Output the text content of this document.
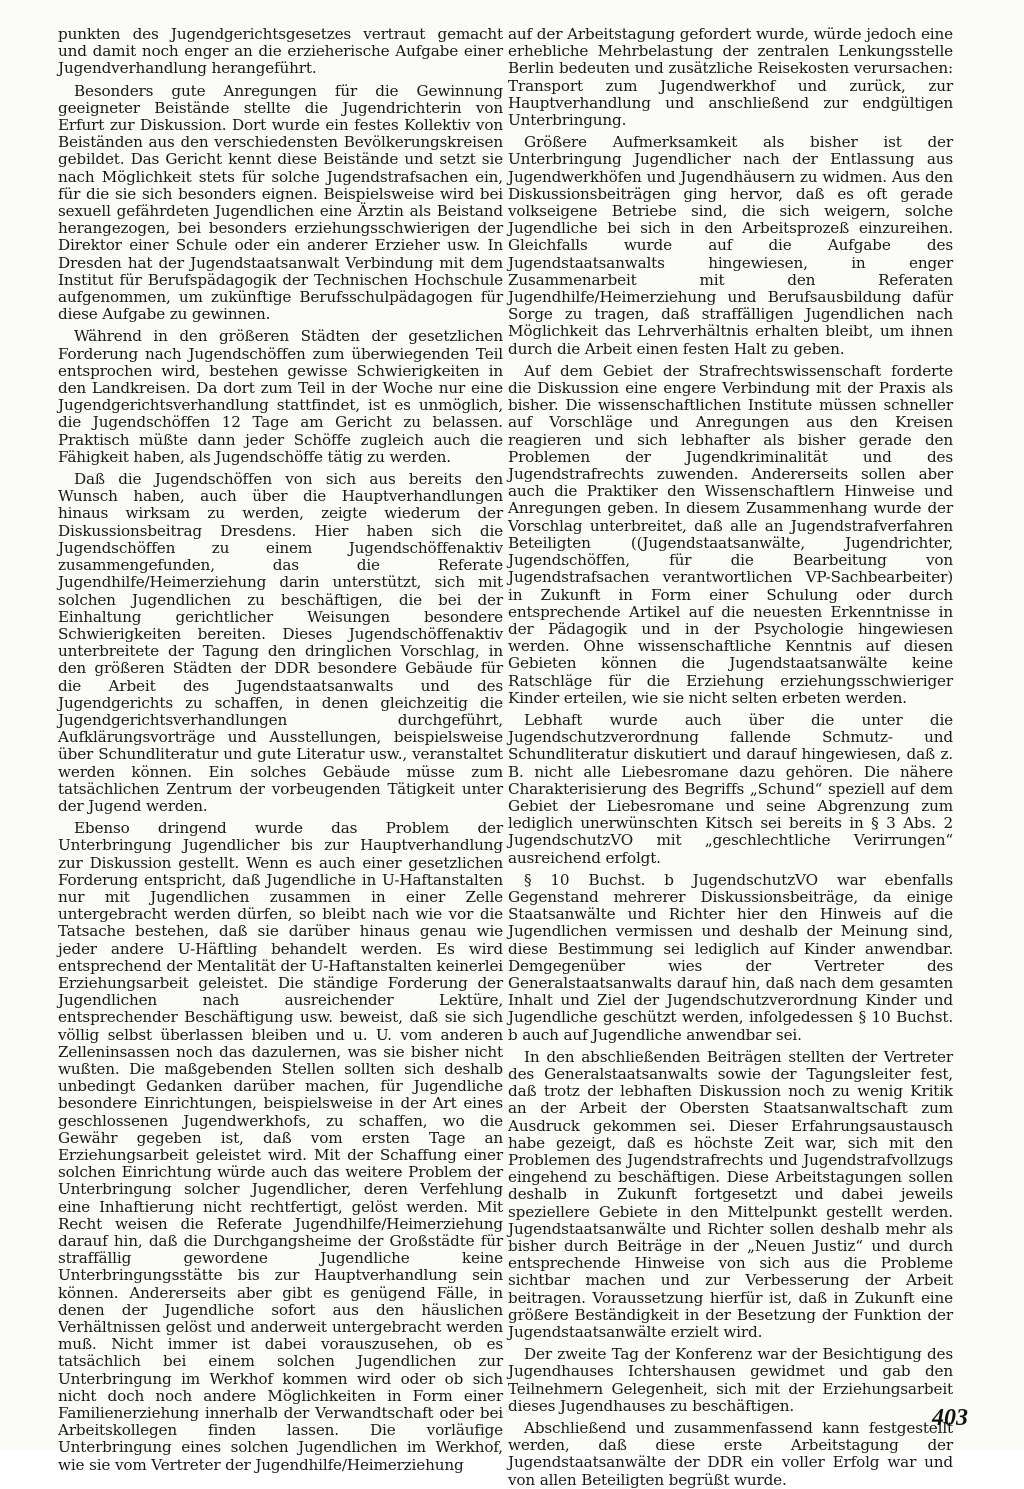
punkten des Jugendgerichtsgesetzes vertraut gemacht und damit noch enger an die erzieherische Aufgabe einer Jugendverhandlung herangeführt.

Besonders gute Anregungen für die Gewinnung geeigneter Beistände stellte die Jugendrichterin von Erfurt zur Diskussion. Dort wurde ein festes Kollektiv von Beiständen aus den verschiedensten Bevölkerungskreisen gebildet. Das Gericht kennt diese Beistände und setzt sie nach Möglichkeit stets für solche Jugendstrafsachen ein, für die sie sich besonders eignen. Beispielsweise wird bei sexuell gefährdeten Jugendlichen eine Ärztin als Beistand herangezogen, bei besonders erziehungsschwierigen der Direktor einer Schule oder ein anderer Erzieher usw. In Dresden hat der Jugendstaatsanwalt Verbindung mit dem Institut für Berufspädagogik der Technischen Hochschule aufgenommen, um zukünftige Berufsschulpädagogen für diese Aufgabe zu gewinnen.

Während in den größeren Städten der gesetzlichen Forderung nach Jugendschöffen zum überwiegenden Teil entsprochen wird, bestehen gewisse Schwierigkeiten in den Landkreisen. Da dort zum Teil in der Woche nur eine Jugendgerichtsverhandlung stattfindet, ist es unmöglich, die Jugendschöffen 12 Tage am Gericht zu belassen. Praktisch müßte dann jeder Schöffe zugleich auch die Fähigkeit haben, als Jugendschöffe tätig zu werden.

Daß die Jugendschöffen von sich aus bereits den Wunsch haben, auch über die Hauptverhandlungen hinaus wirksam zu werden, zeigte wiederum der Diskussionsbeitrag Dresdens. Hier haben sich die Jugendschöffen zu einem Jugendschöffenaktiv zusammengefunden, das die Referate Jugendhilfe/Heimerziehung darin unterstützt, sich mit solchen Jugendlichen zu beschäftigen, die bei der Einhaltung gerichtlicher Weisungen besondere Schwierigkeiten bereiten. Dieses Jugendschöffenaktiv unterbreitete der Tagung den dringlichen Vorschlag, in den größeren Städten der DDR besondere Gebäude für die Arbeit des Jugendstaatsanwalts und des Jugendgerichts zu schaffen, in denen gleichzeitig die Jugendgerichtsverhandlungen durchgeführt, Aufklärungsvorträge und Ausstellungen, beispielsweise über Schundliteratur und gute Literatur usw., veranstaltet werden können. Ein solches Gebäude müsse zum tatsächlichen Zentrum der vorbeugenden Tätigkeit unter der Jugend werden.

Ebenso dringend wurde das Problem der Unterbringung Jugendlicher bis zur Hauptverhandlung zur Diskussion gestellt. Wenn es auch einer gesetzlichen Forderung entspricht, daß Jugendliche in U-Haftanstalten nur mit Jugendlichen zusammen in einer Zelle untergebracht werden dürfen, so bleibt nach wie vor die Tatsache bestehen, daß sie darüber hinaus genau wie jeder andere U-Häftling behandelt werden. Es wird entsprechend der Mentalität der U-Haftanstalten keinerlei Erziehungsarbeit geleistet. Die ständige Forderung der Jugendlichen nach ausreichender Lektüre, entsprechender Beschäftigung usw. beweist, daß sie sich völlig selbst überlassen bleiben und u. U. vom anderen Zelleninsassen noch das dazulernen, was sie bisher nicht wußten. Die maßgebenden Stellen sollten sich deshalb unbedingt Gedanken darüber machen, für Jugendliche besondere Einrichtungen, beispielsweise in der Art eines geschlossenen Jugendwerkhofs, zu schaffen, wo die Gewähr gegeben ist, daß vom ersten Tage an Erziehungsarbeit geleistet wird. Mit der Schaffung einer solchen Einrichtung würde auch das weitere Problem der Unterbringung solcher Jugendlicher, deren Verfehlung eine Inhaftierung nicht rechtfertigt, gelöst werden. Mit Recht weisen die Referate Jugendhilfe/Heimerziehung darauf hin, daß die Durchgangsheime der Großstädte für straffällig gewordene Jugendliche keine Unterbringungsstätte bis zur Hauptverhandlung sein können. Andererseits aber gibt es genügend Fälle, in denen der Jugendliche sofort aus den häuslichen Verhältnissen gelöst und anderweit untergebracht werden muß. Nicht immer ist dabei vorauszusehen, ob es tatsächlich bei einem solchen Jugendlichen zur Unterbringung im Werkhof kommen wird oder ob sich nicht doch noch andere Möglichkeiten in Form einer Familienerziehung innerhalb der Verwandtschaft oder bei Arbeitskollegen finden lassen. Die vorläufige Unterbringung eines solchen Jugendlichen im Werkhof, wie sie vom Vertreter der Jugendhilfe/Heimerziehung

auf der Arbeitstagung gefordert wurde, würde jedoch eine erhebliche Mehrbelastung der zentralen Lenkungsstelle Berlin bedeuten und zusätzliche Reisekosten verursachen: Transport zum Jugendwerkhof und zurück, zur Hauptverhandlung und anschließend zur endgültigen Unterbringung.

Größere Aufmerksamkeit als bisher ist der Unterbringung Jugendlicher nach der Entlassung aus Jugendwerkhöfen und Jugendhäusern zu widmen. Aus den Diskussionsbeiträgen ging hervor, daß es oft gerade volkseigene Betriebe sind, die sich weigern, solche Jugendliche bei sich in den Arbeitsprozeß einzureihen. Gleichfalls wurde auf die Aufgabe des Jugendstaatsanwalts hingewiesen, in enger Zusammenarbeit mit den Referaten Jugendhilfe/Heimerziehung und Berufsausbildung dafür Sorge zu tragen, daß straffälligen Jugendlichen nach Möglichkeit das Lehrverhältnis erhalten bleibt, um ihnen durch die Arbeit einen festen Halt zu geben.

Auf dem Gebiet der Strafrechtswissenschaft forderte die Diskussion eine engere Verbindung mit der Praxis als bisher. Die wissenschaftlichen Institute müssen schneller auf Vorschläge und Anregungen aus den Kreisen reagieren und sich lebhafter als bisher gerade den Problemen der Jugendkriminalität und des Jugendstrafrechts zuwenden. Andererseits sollen aber auch die Praktiker den Wissenschaftlern Hinweise und Anregungen geben. In diesem Zusammenhang wurde der Vorschlag unterbreitet, daß alle an Jugendstrafverfahren Beteiligten ((Jugendstaatsanwälte, Jugendrichter, Jugendschöffen, für die Bearbeitung von Jugendstrafsachen verantwortlichen VP-Sachbearbeiter) in Zukunft in Form einer Schulung oder durch entsprechende Artikel auf die neuesten Erkenntnisse in der Pädagogik und in der Psychologie hingewiesen werden. Ohne wissenschaftliche Kenntnis auf diesen Gebieten können die Jugendstaatsanwälte keine Ratschläge für die Erziehung erziehungsschwieriger Kinder erteilen, wie sie nicht selten erbeten werden.

Lebhaft wurde auch über die unter die Jugendschutzverordnung fallende Schmutz- und Schundliteratur diskutiert und darauf hingewiesen, daß z. B. nicht alle Liebesromane dazu gehören. Die nähere Charakterisierung des Begriffs „Schund“ speziell auf dem Gebiet der Liebesromane und seine Abgrenzung zum lediglich unerwünschten Kitsch sei bereits in § 3 Abs. 2 JugendschutzVO mit „geschlechtliche Verirrungen“ ausreichend erfolgt.

§ 10 Buchst. b JugendschutzVO war ebenfalls Gegenstand mehrerer Diskussionsbeiträge, da einige Staatsanwälte und Richter hier den Hinweis auf die Jugendlichen vermissen und deshalb der Meinung sind, diese Bestimmung sei lediglich auf Kinder anwendbar. Demgegenüber wies der Vertreter des Generalstaatsanwalts darauf hin, daß nach dem gesamten Inhalt und Ziel der Jugendschutzverordnung Kinder und Jugendliche geschützt werden, infolgedessen § 10 Buchst. b auch auf Jugendliche anwendbar sei.

In den abschließenden Beiträgen stellten der Vertreter des Generalstaatsanwalts sowie der Tagungsleiter fest, daß trotz der lebhaften Diskussion noch zu wenig Kritik an der Arbeit der Obersten Staatsanwaltschaft zum Ausdruck gekommen sei. Dieser Erfahrungsaustausch habe gezeigt, daß es höchste Zeit war, sich mit den Problemen des Jugendstrafrechts und Jugendstrafvollzugs eingehend zu beschäftigen. Diese Arbeitstagungen sollen deshalb in Zukunft fortgesetzt und dabei jeweils speziellere Gebiete in den Mittelpunkt gestellt werden. Jugendstaatsanwälte und Richter sollen deshalb mehr als bisher durch Beiträge in der „Neuen Justiz“ und durch entsprechende Hinweise von sich aus die Probleme sichtbar machen und zur Verbesserung der Arbeit beitragen. Voraussetzung hierfür ist, daß in Zukunft eine größere Beständigkeit in der Besetzung der Funktion der Jugendstaatsanwälte erzielt wird.

Der zweite Tag der Konferenz war der Besichtigung des Jugendhauses Ichtershausen gewidmet und gab den Teilnehmern Gelegenheit, sich mit der Erziehungsarbeit dieses Jugendhauses zu beschäftigen.

Abschließend und zusammenfassend kann festgestellt werden, daß diese erste Arbeitstagung der Jugendstaatsanwälte der DDR ein voller Erfolg war und von allen Beteiligten begrüßt wurde.

403
